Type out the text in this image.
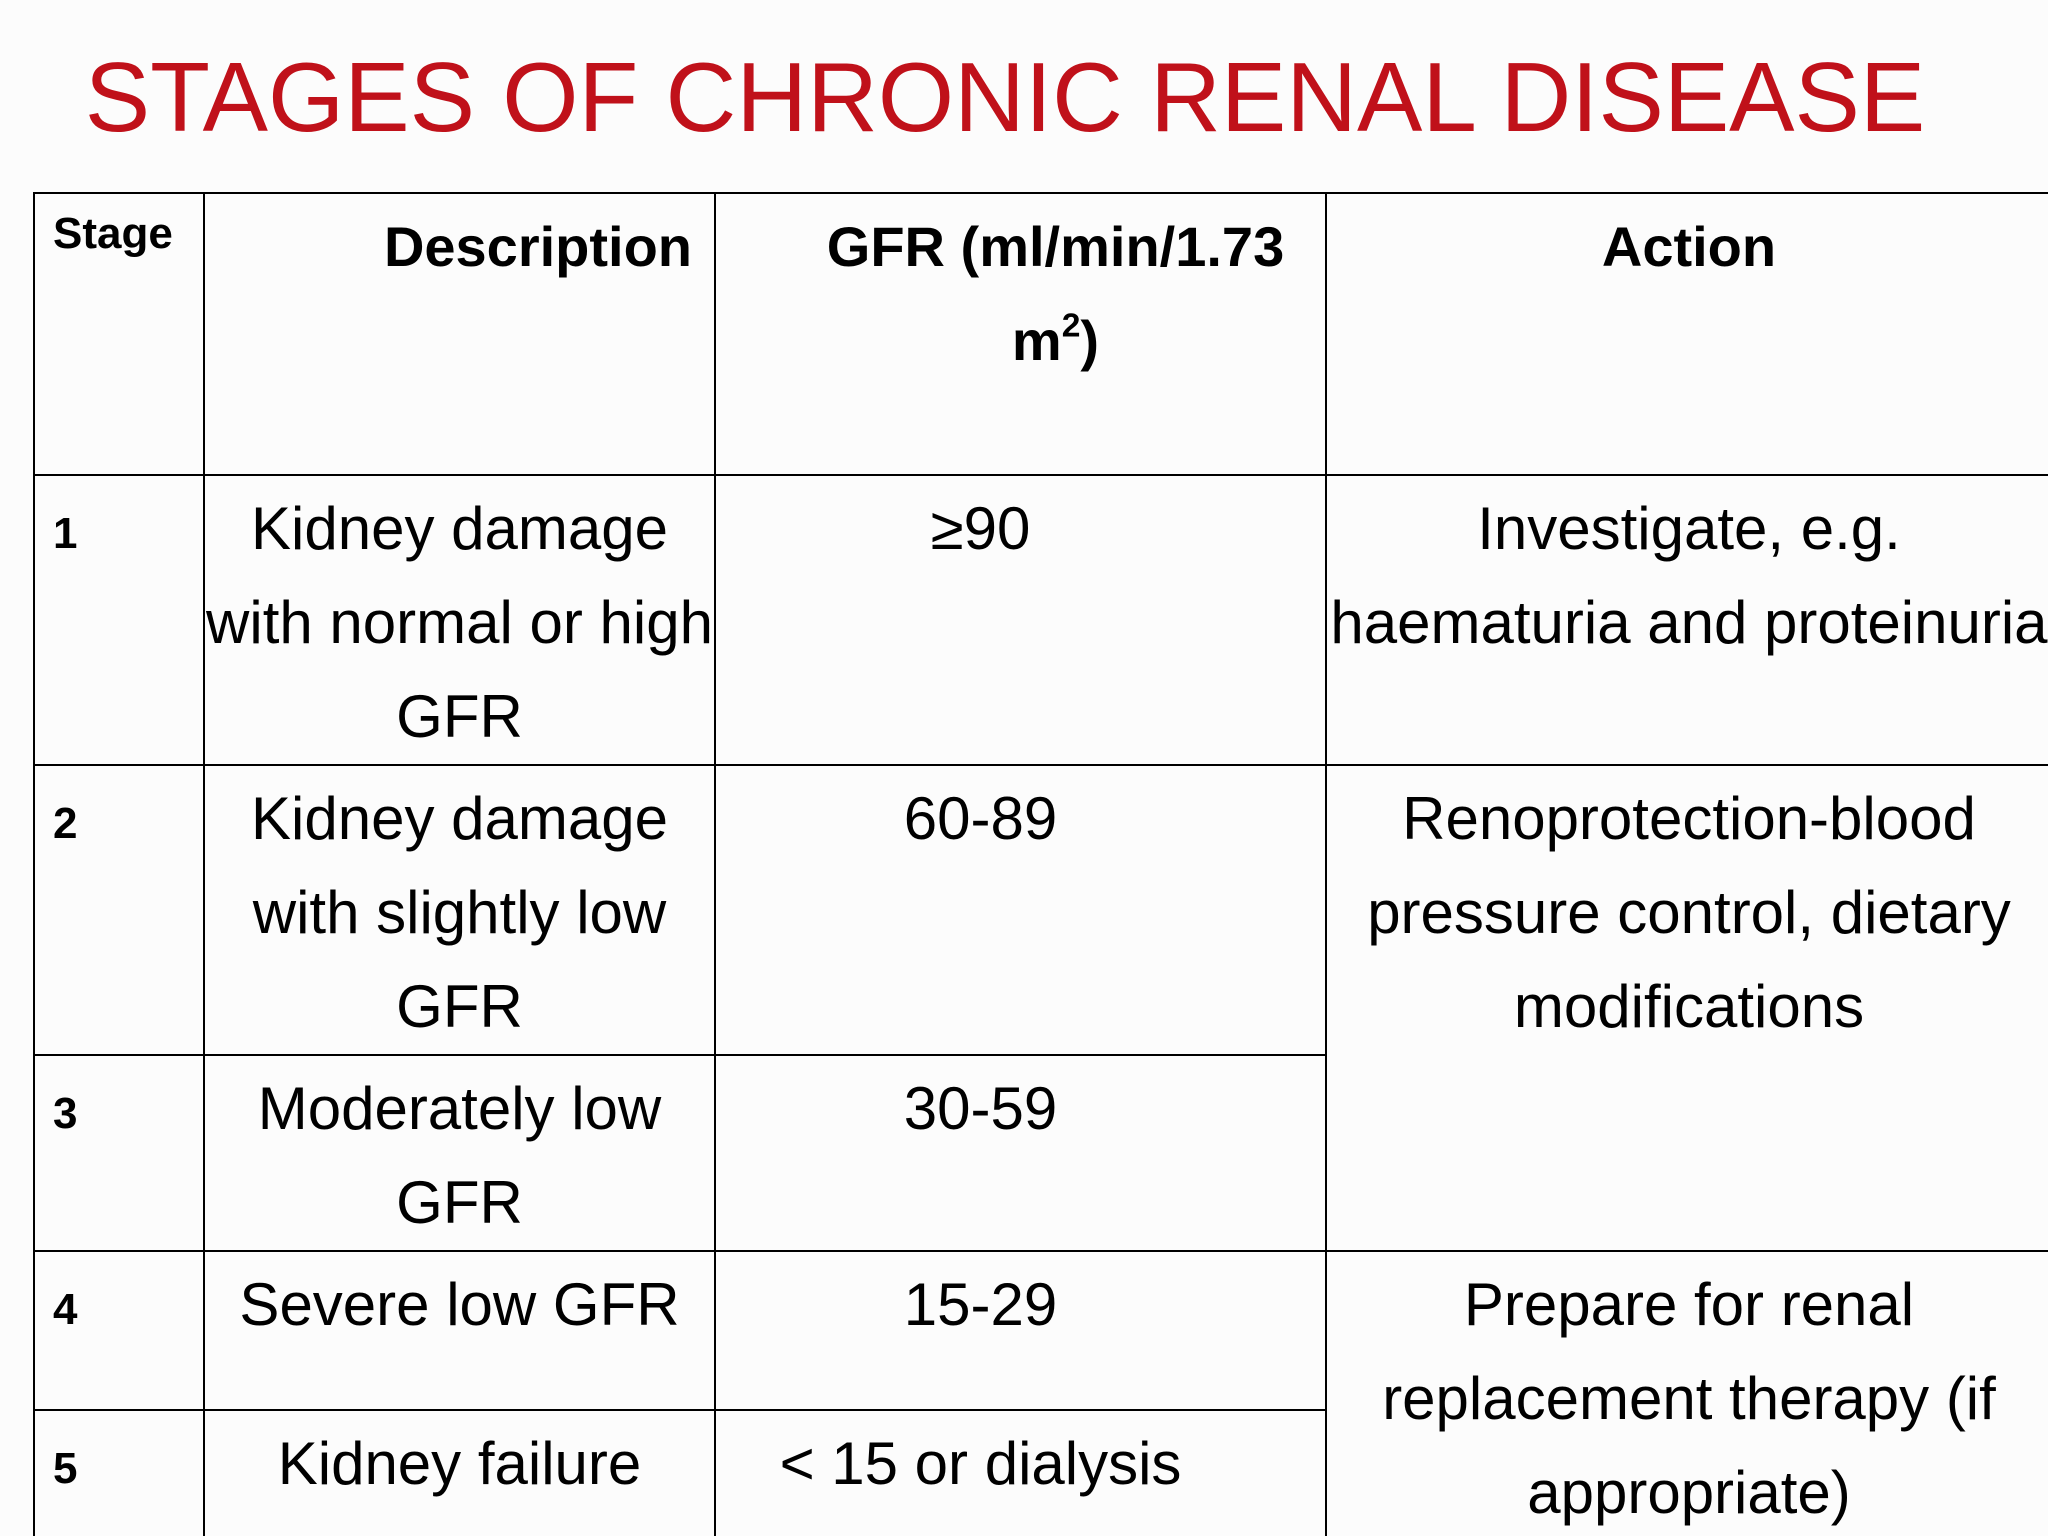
STAGES OF CHRONIC RENAL DISEASE
Stage	Description	GFR (ml/min/1.73 $m^2$)	Action
1	Kidney damage with normal or high GFR	≥90	Investigate, e.g. haematuria and proteinuria
2	Kidney damage with slightly low GFR	60-89	Renoprotection-blood pressure control, dietary modifications
3	Moderately low GFR	30-59	
4	Severe low GFR	15-29	Prepare for renal replacement therapy (if appropriate)
5	Kidney failure	< 15 or dialysis	
